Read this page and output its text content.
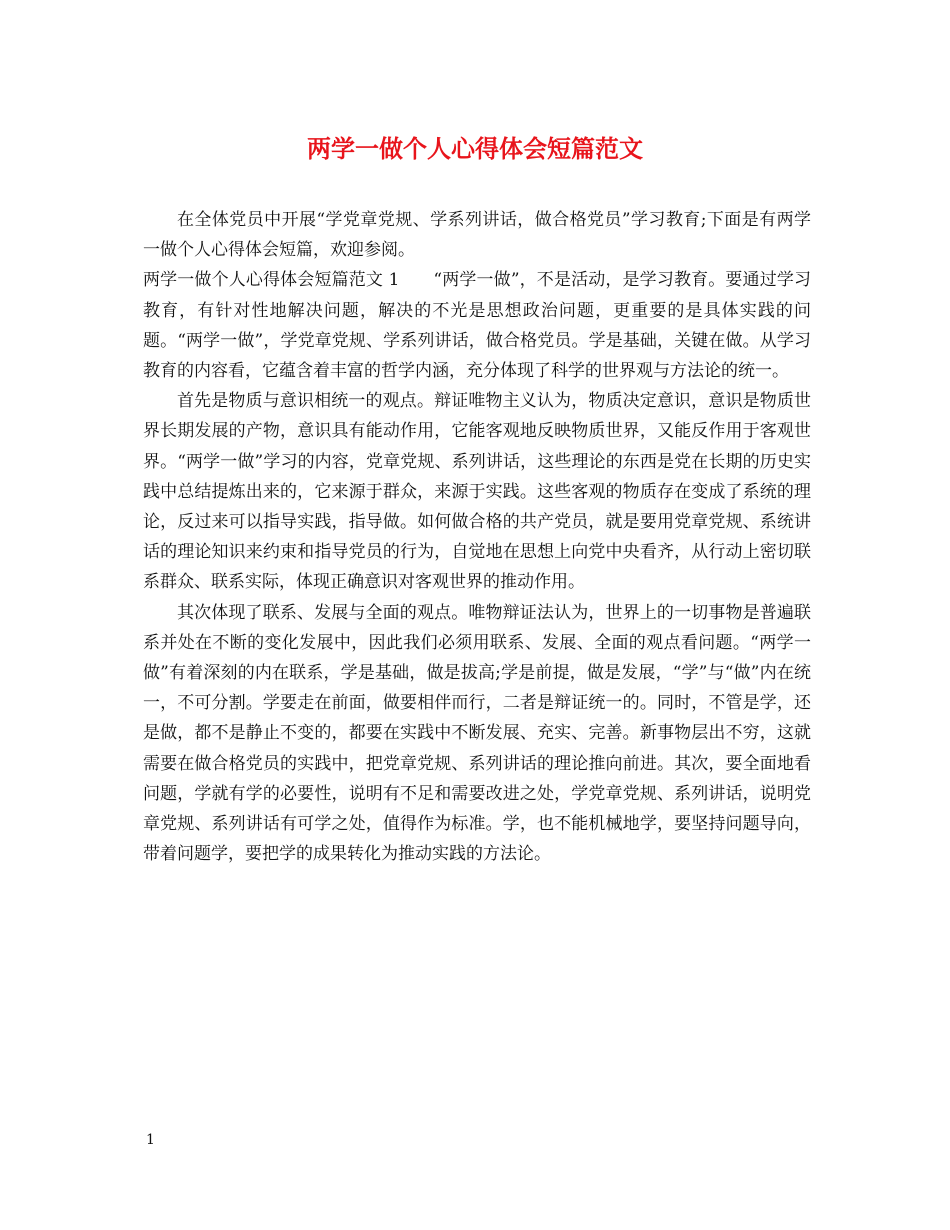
两学一做个人心得体会短篇范文

在全体党员中开展“学党章党规、学系列讲话，做合格党员”学习教育;下面是有两学一做个人心得体会短篇，欢迎参阅。

两学一做个人心得体会短篇范文 1 “两学一做”，不是活动，是学习教育。要通过学习教育，有针对性地解决问题，解决的不光是思想政治问题，更重要的是具体实践的问题。“两学一做”，学党章党规、学系列讲话，做合格党员。学是基础，关键在做。从学习教育的内容看，它蕴含着丰富的哲学内涵，充分体现了科学的世界观与方法论的统一。

首先是物质与意识相统一的观点。辩证唯物主义认为，物质决定意识，意识是物质世界长期发展的产物，意识具有能动作用，它能客观地反映物质世界，又能反作用于客观世界。“两学一做”学习的内容，党章党规、系列讲话，这些理论的东西是党在长期的历史实践中总结提炼出来的，它来源于群众，来源于实践。这些客观的物质存在变成了系统的理论，反过来可以指导实践，指导做。如何做合格的共产党员，就是要用党章党规、系统讲话的理论知识来约束和指导党员的行为，自觉地在思想上向党中央看齐，从行动上密切联系群众、联系实际，体现正确意识对客观世界的推动作用。

其次体现了联系、发展与全面的观点。唯物辩证法认为，世界上的一切事物是普遍联系并处在不断的变化发展中，因此我们必须用联系、发展、全面的观点看问题。“两学一做”有着深刻的内在联系，学是基础，做是拔高;学是前提，做是发展，“学”与“做”内在统一，不可分割。学要走在前面，做要相伴而行，二者是辩证统一的。同时，不管是学，还是做，都不是静止不变的，都要在实践中不断发展、充实、完善。新事物层出不穷，这就需要在做合格党员的实践中，把党章党规、系列讲话的理论推向前进。其次，要全面地看问题，学就有学的必要性，说明有不足和需要改进之处，学党章党规、系列讲话，说明党章党规、系列讲话有可学之处，值得作为标准。学，也不能机械地学，要坚持问题导向，带着问题学，要把学的成果转化为推动实践的方法论。

1
